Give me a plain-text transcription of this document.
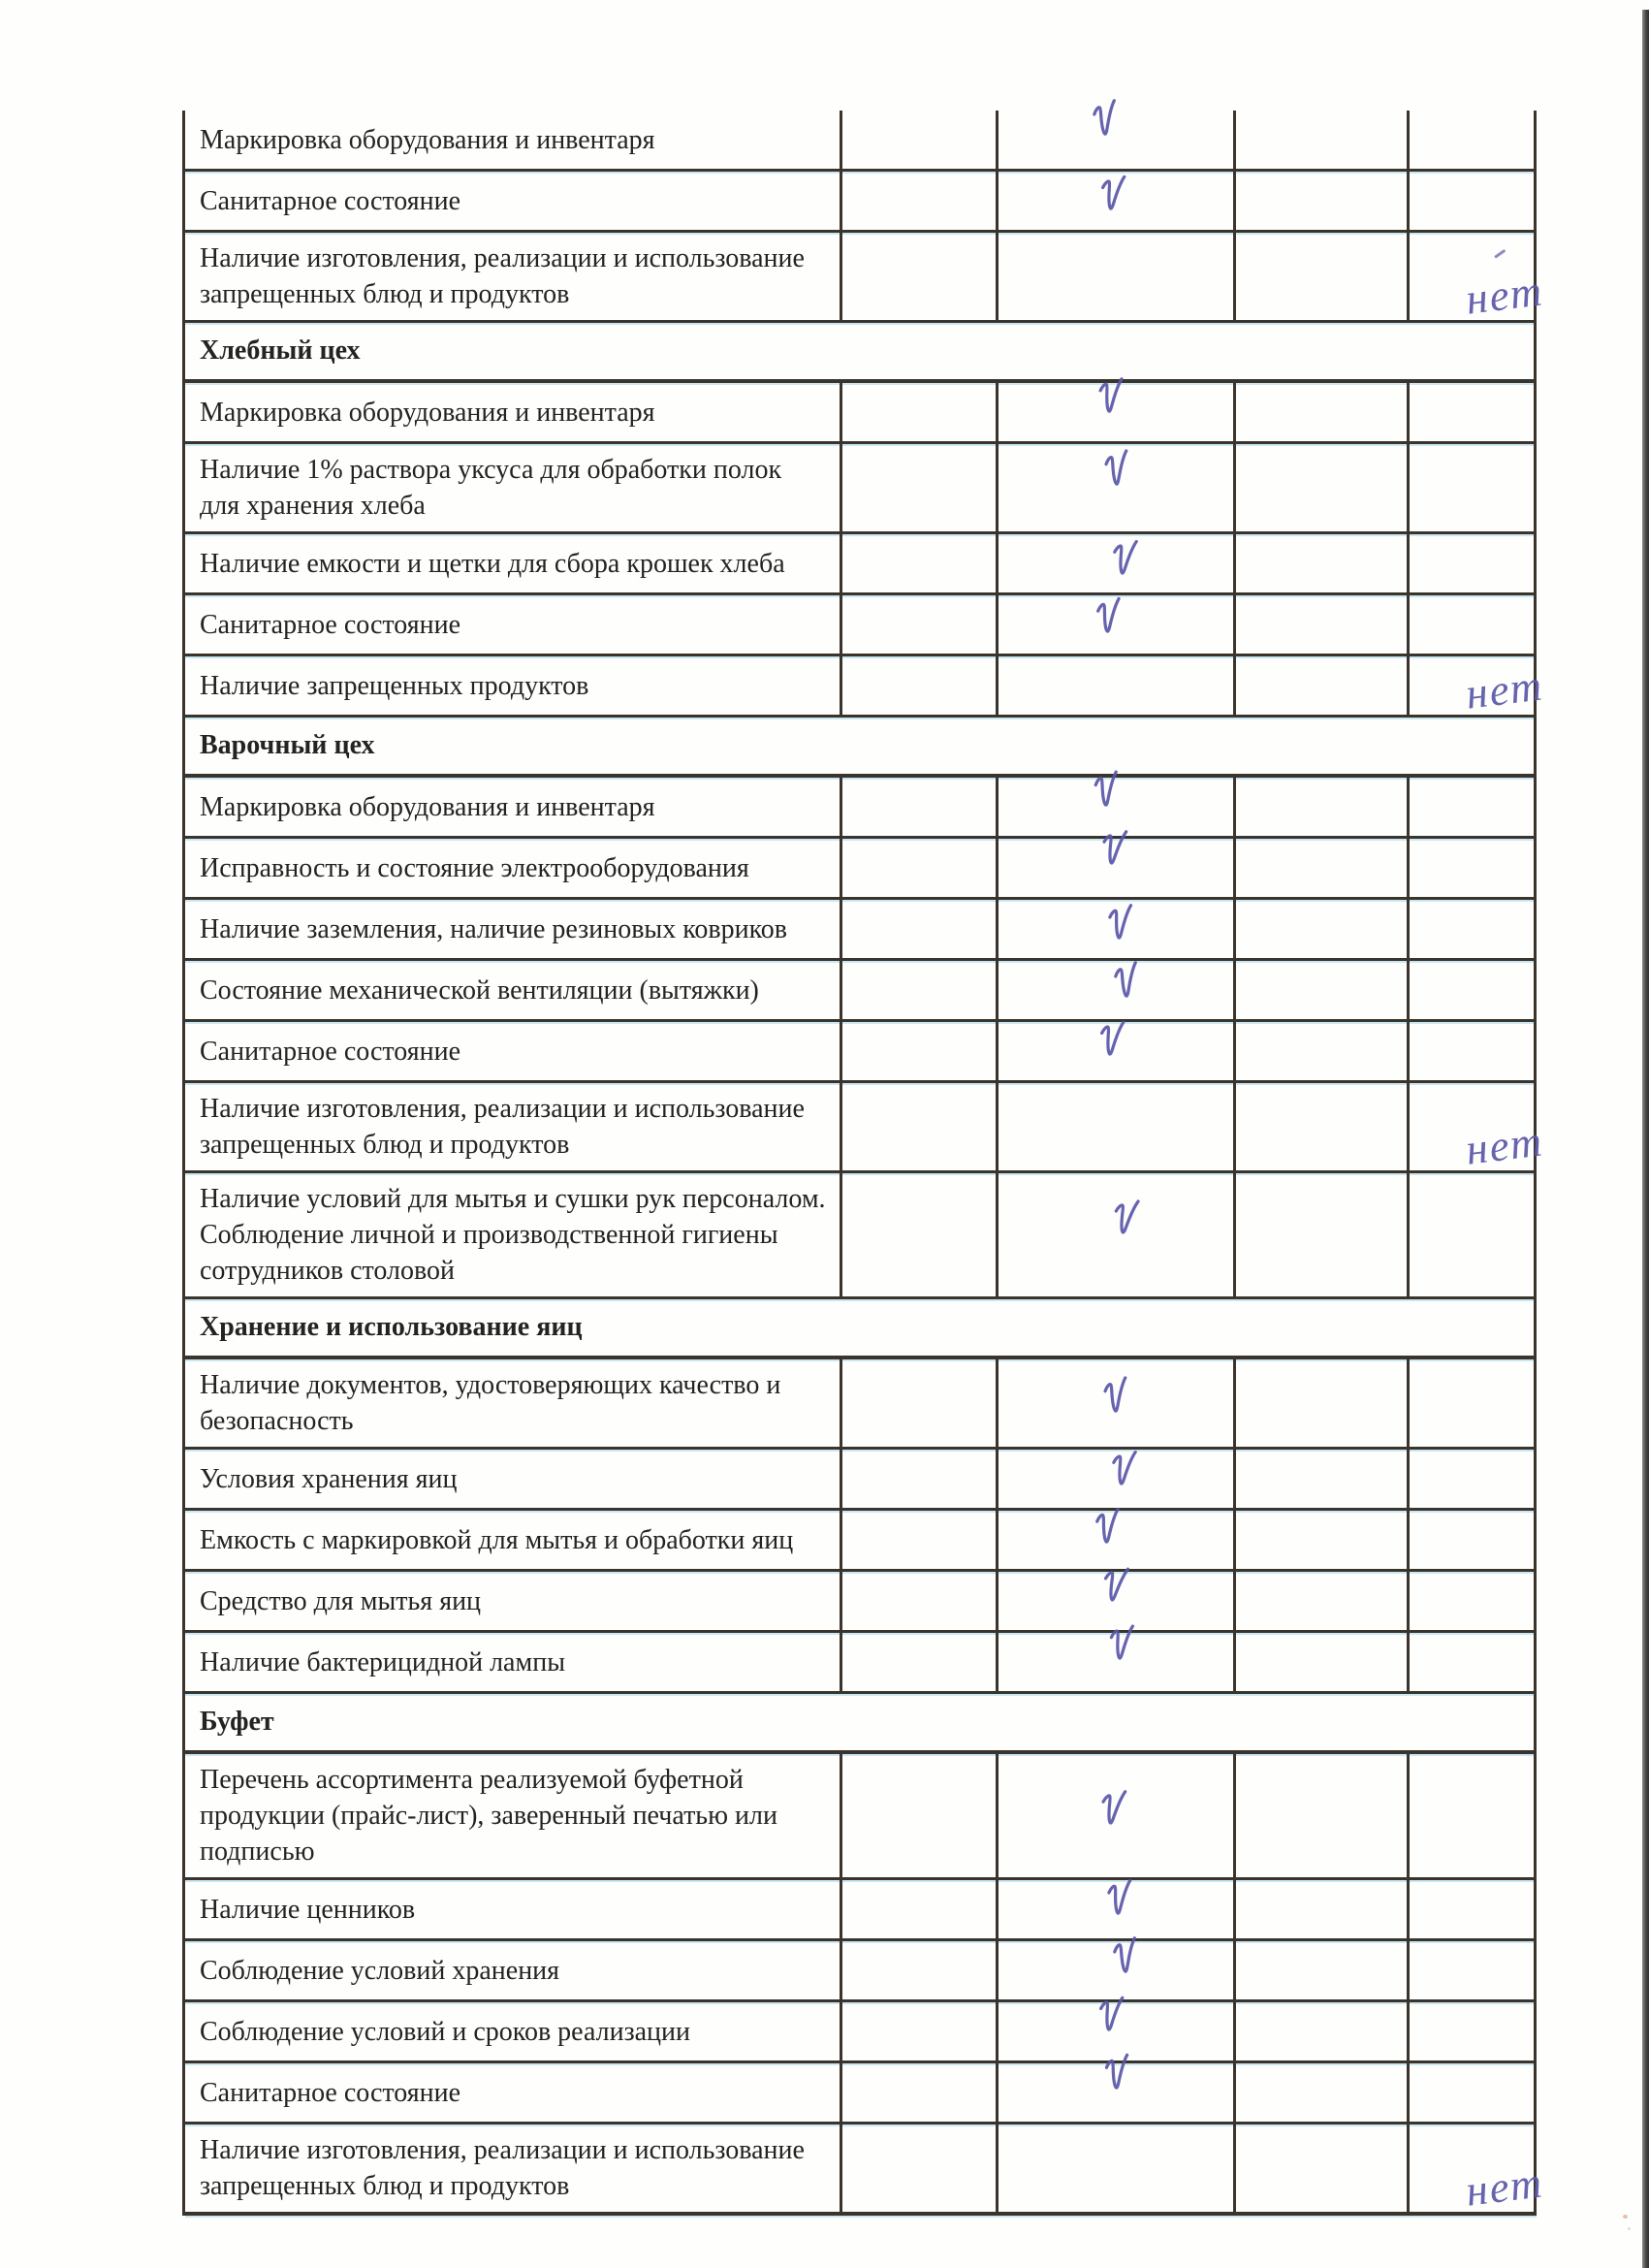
Маркировка оборудования и инвентаря
Санитарное состояние
Наличие изготовления, реализации и использование запрещенных блюд и продуктов	нет
Хлебный цех
Маркировка оборудования и инвентаря
Наличие 1% раствора уксуса для обработки полок для хранения хлеба
Наличие емкости и щетки для сбора крошек хлеба
Санитарное состояние
Наличие запрещенных продуктов	нет
Варочный цех
Маркировка оборудования и инвентаря
Исправность и состояние электрооборудования
Наличие заземления, наличие резиновых ковриков
Состояние механической вентиляции (вытяжки)
Санитарное состояние
Наличие изготовления, реализации и использование запрещенных блюд и продуктов	нет
Наличие условий для мытья и сушки рук персоналом. Соблюдение личной и производственной гигиены сотрудников столовой
Хранение и использование яиц
Наличие документов, удостоверяющих качество и безопасность
Условия хранения яиц
Емкость с маркировкой для мытья и обработки яиц
Средство для мытья яиц
Наличие бактерицидной лампы
Буфет
Перечень ассортимента реализуемой буфетной продукции (прайс-лист), заверенный печатью или подписью
Наличие ценников
Соблюдение условий хранения
Соблюдение условий и сроков реализации
Санитарное состояние
Наличие изготовления, реализации и использование запрещенных блюд и продуктов	нет
